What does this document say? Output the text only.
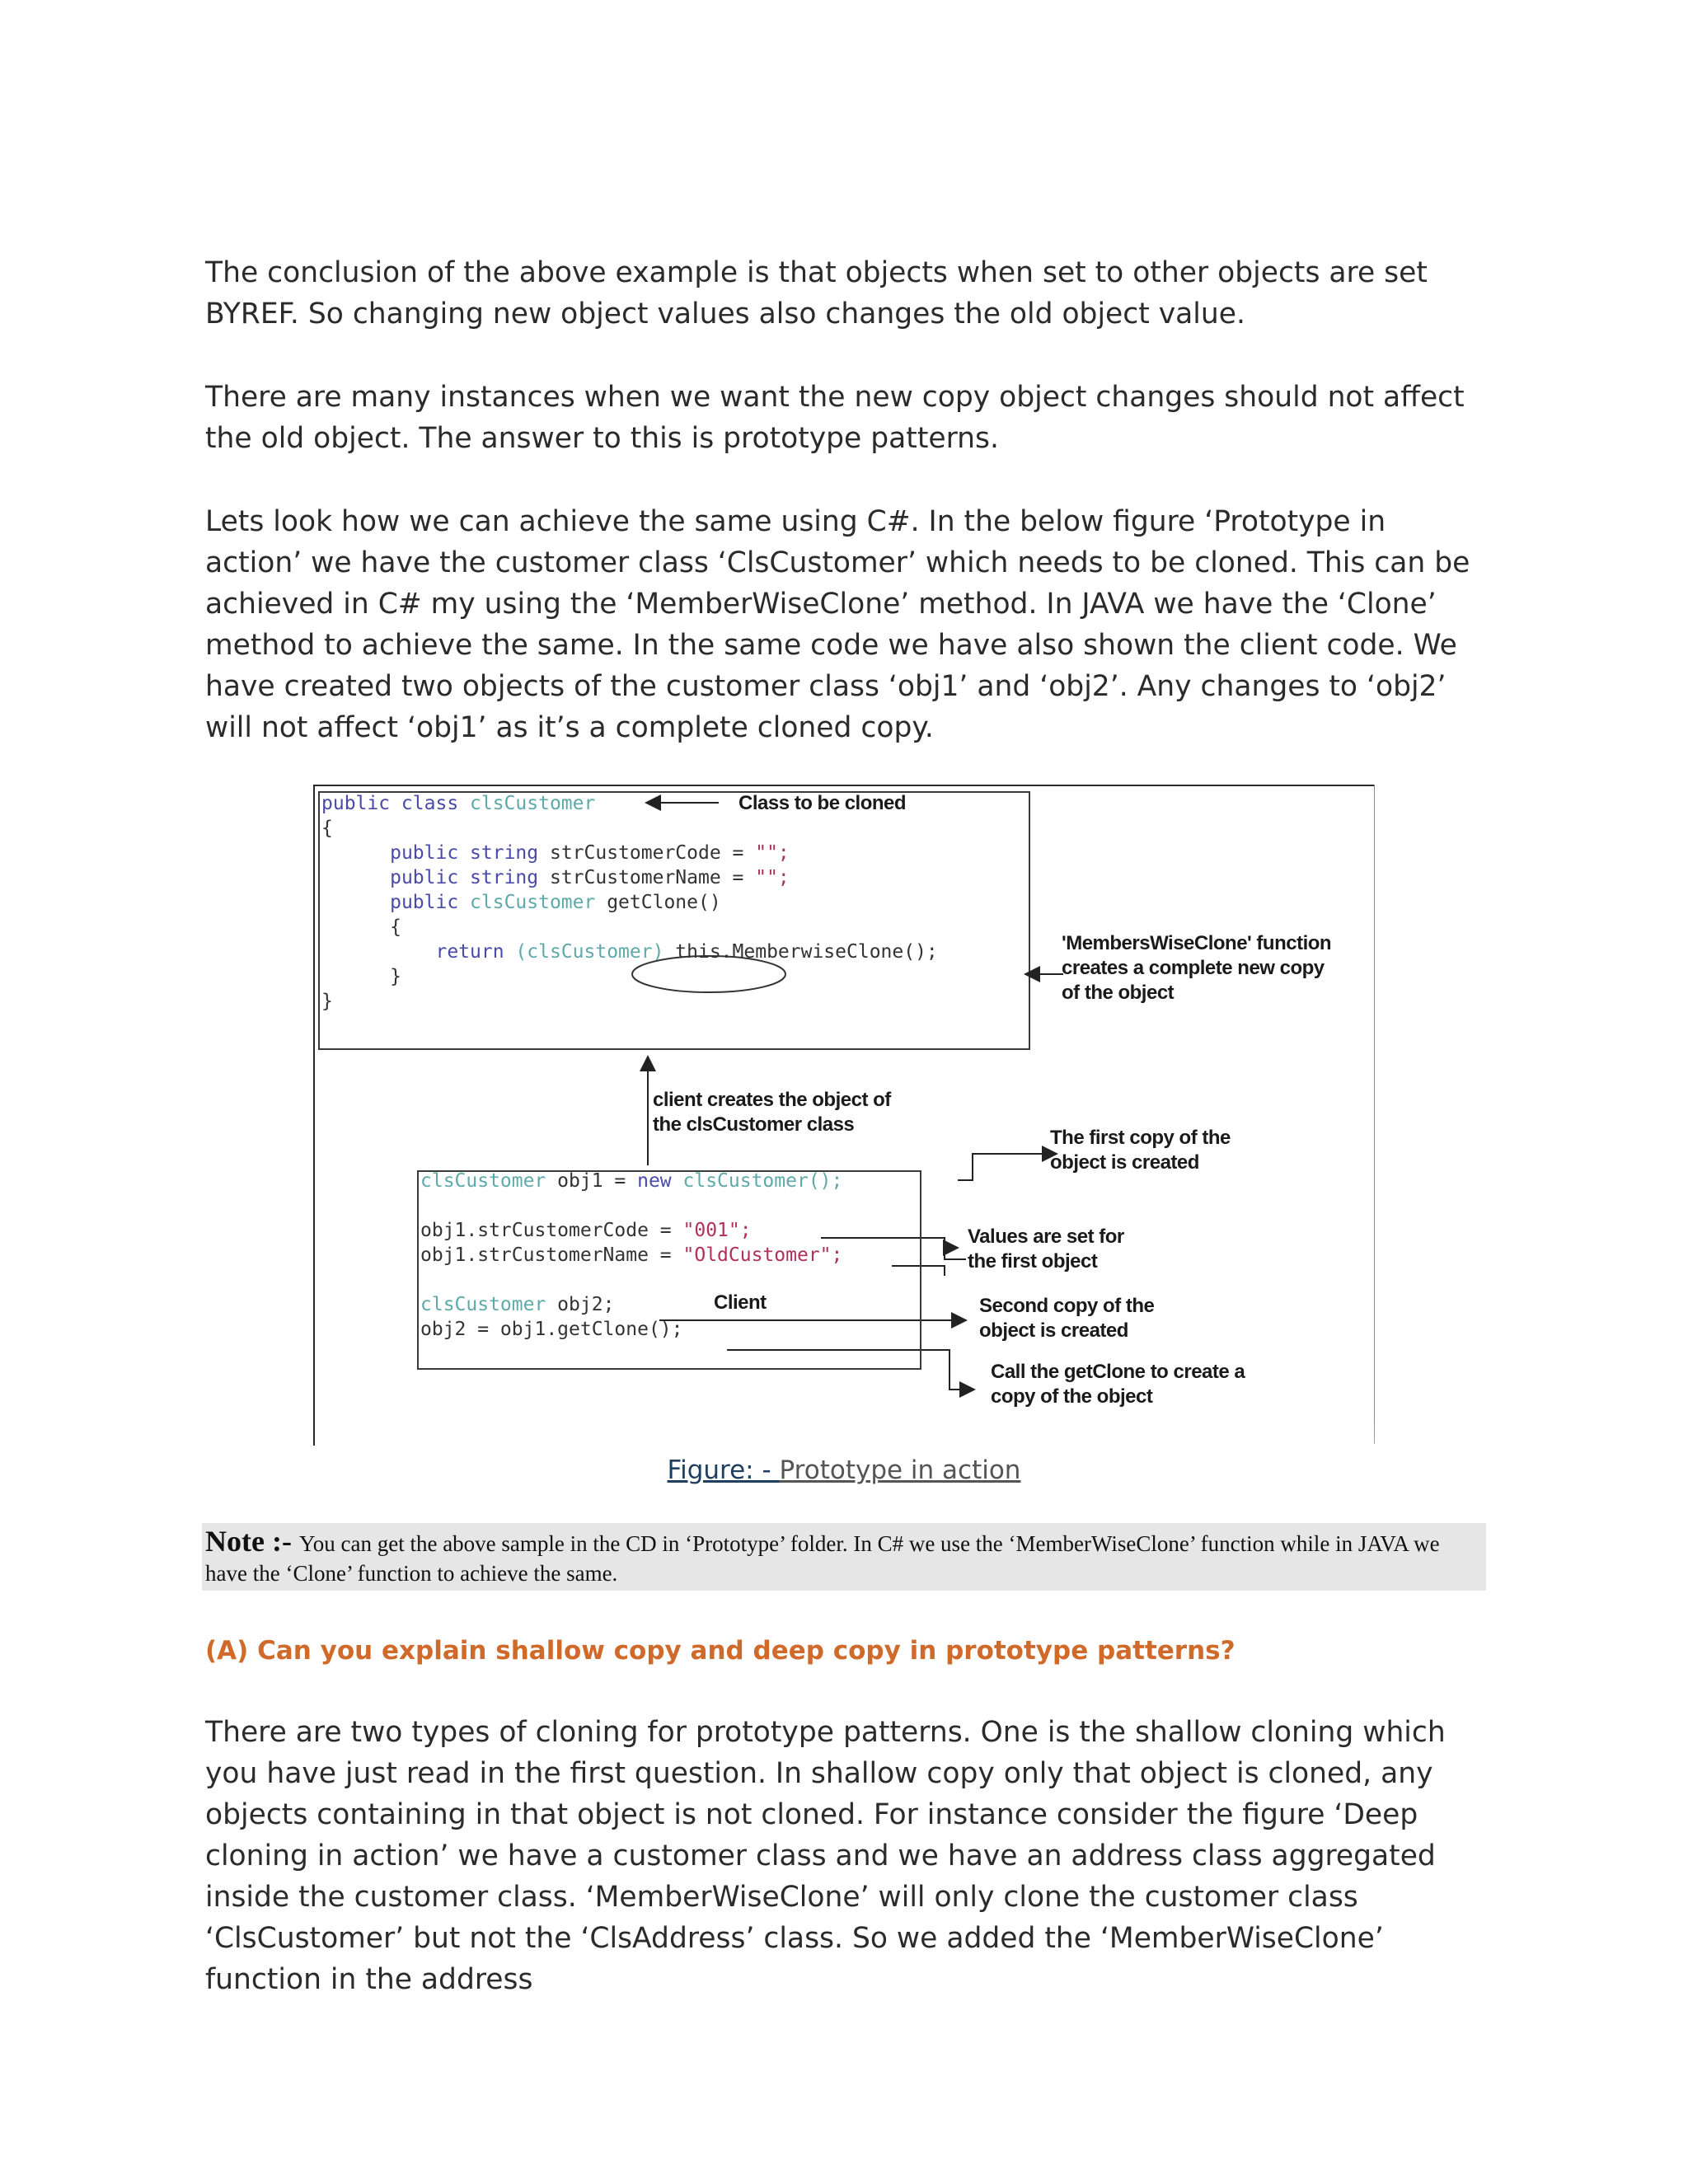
The conclusion of the above example is that objects when set to other objects are set BYREF. So changing new object values also changes the old object value.

There are many instances when we want the new copy object changes should not affect the old object. The answer to this is prototype patterns.

Lets look how we can achieve the same using C#. In the below figure ‘Prototype in action’ we have the customer class ‘ClsCustomer’ which needs to be cloned. This can be achieved in C# my using the ‘MemberWiseClone’ method. In JAVA we have the ‘Clone’ method to achieve the same. In the same code we have also shown the client code. We have created two objects of the customer class ‘obj1’ and ‘obj2’. Any changes to ‘obj2’ will not affect ‘obj1’ as it’s a complete cloned copy.

public class clsCustomer
{
public string strCustomerCode = "";
public string strCustomerName = "";
public clsCustomer getClone()
{
return (clsCustomer) this.MemberwiseClone();
}
}
clsCustomer obj1 = new clsCustomer();

obj1.strCustomerCode = "001";
obj1.strCustomerName = "OldCustomer";

clsCustomer obj2;
obj2 = obj1.getClone();
Class to be cloned
'MembersWiseClone' function creates a complete new copy of the object
client creates the object of the clsCustomer class
The first copy of the object is created
Values are set for the first object
Client	Second copy of the object is created
Call the getClone to create a copy of the object
Figure: - Prototype in action
Note :- You can get the above sample in the CD in ‘Prototype’ folder. In C# we use the ‘MemberWiseClone’ function while in JAVA we have the ‘Clone’ function to achieve the same.
(A) Can you explain shallow copy and deep copy in prototype patterns?

There are two types of cloning for prototype patterns. One is the shallow cloning which you have just read in the first question. In shallow copy only that object is cloned, any objects containing in that object is not cloned. For instance consider the figure ‘Deep cloning in action’ we have a customer class and we have an address class aggregated inside the customer class. ‘MemberWiseClone’ will only clone the customer class ‘ClsCustomer’ but not the ‘ClsAddress’ class. So we added the ‘MemberWiseClone’ function in the address
